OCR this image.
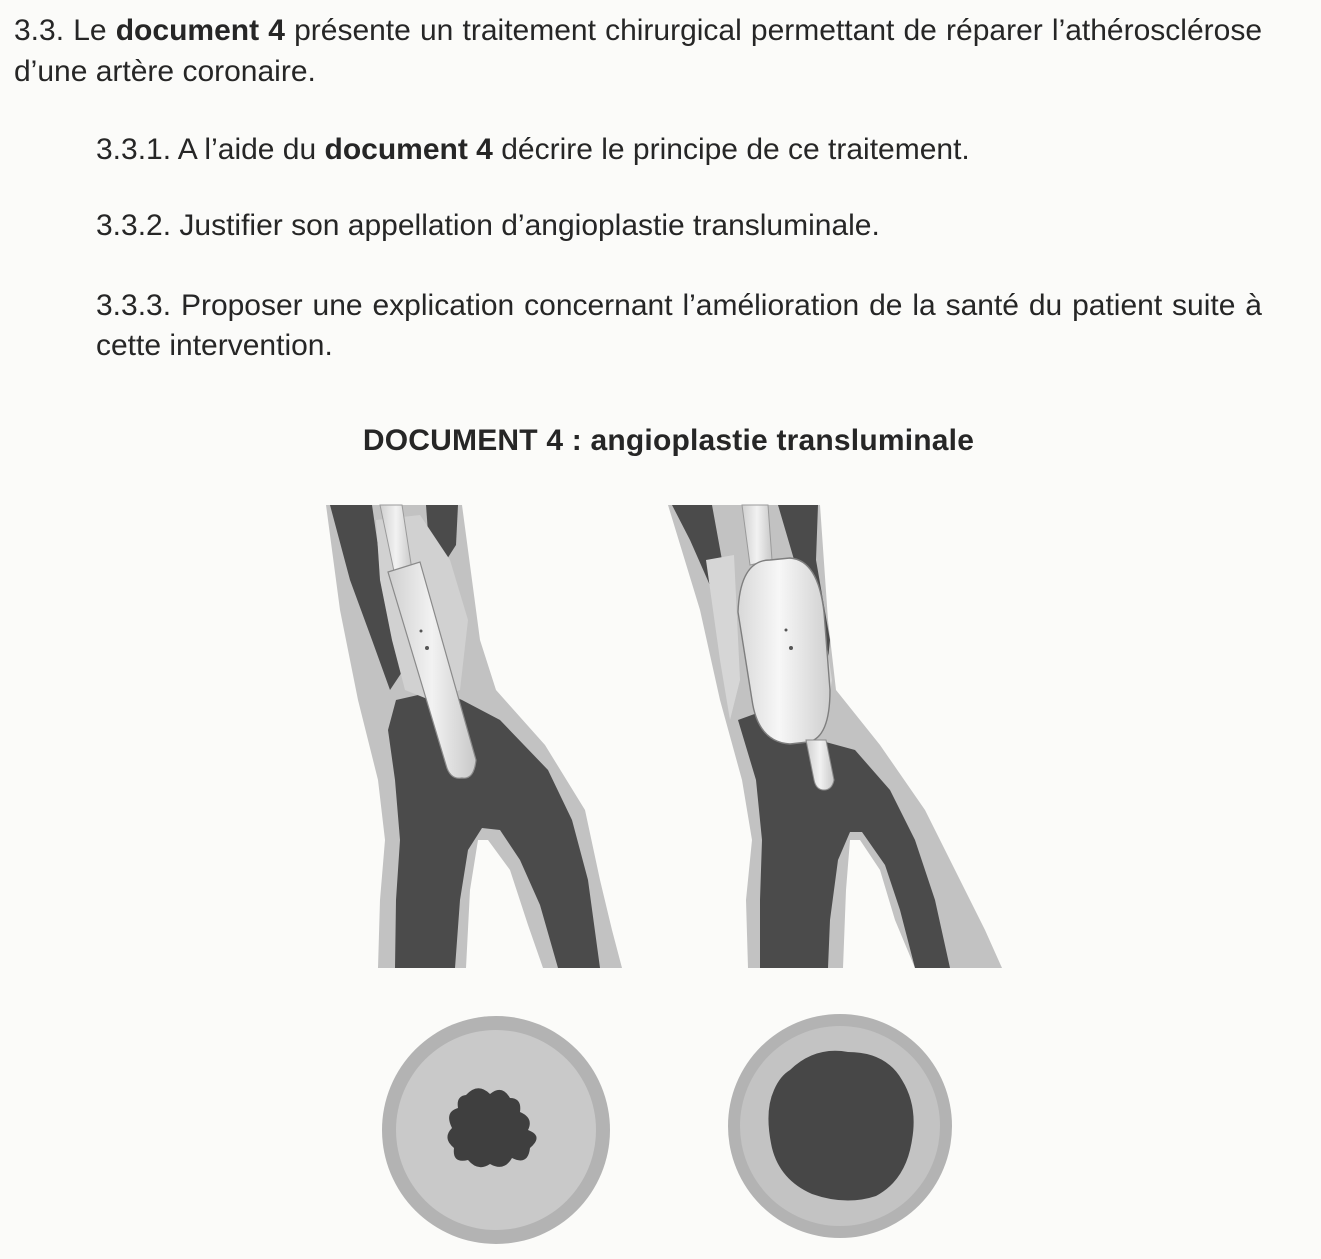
3.3. Le document 4 présente un traitement chirurgical permettant de réparer l’athérosclérose d’une artère coronaire.

3.3.1. A l’aide du document 4 décrire le principe de ce traitement.

3.3.2. Justifier son appellation d’angioplastie transluminale.

3.3.3. Proposer une explication concernant l’amélioration de la santé du patient suite à cette intervention.

DOCUMENT 4 : angioplastie transluminale
